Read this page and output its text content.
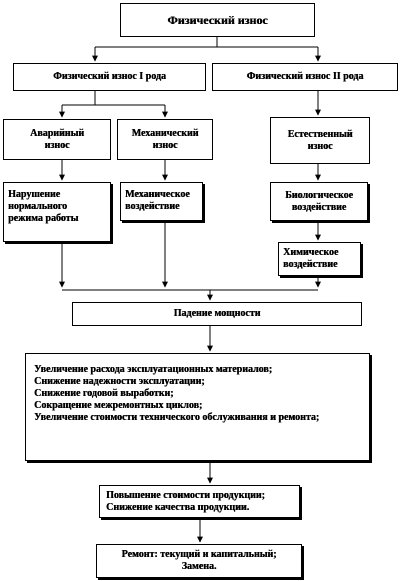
Физический износ
Физический износ I рода	Физический износ II рода
Аварийный
износ
Механический
износ
Естественный
износ
Нарушение
нормального
режима работы
Механическое
воздействие
Биологическое
воздействие
Химическое
воздействие
Падение мощности
Увеличение расхода эксплуатационных материалов;
Снижение надежности эксплуатации;
Снижение годовой выработки;
Сокращение межремонтных циклов;
Увеличение стоимости технического обслуживания и ремонта;
Повышение стоимости продукции;
Снижение качества продукции.
Ремонт: текущий и капитальный;
Замена.
